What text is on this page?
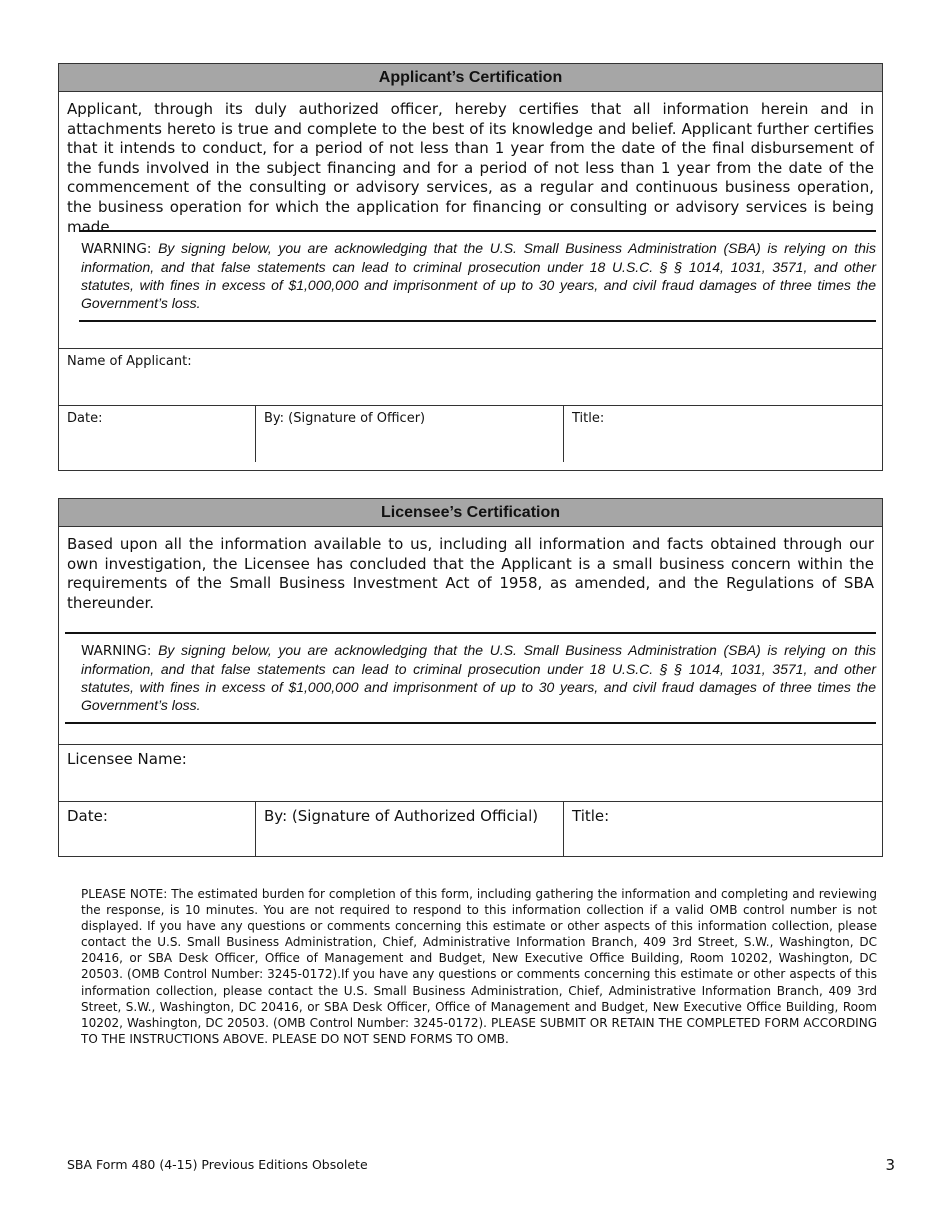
Applicant’s Certification
Applicant, through its duly authorized officer, hereby certifies that all information herein and in attachments hereto is true and complete to the best of its knowledge and belief. Applicant further certifies that it intends to conduct, for a period of not less than 1 year from the date of the final disbursement of the funds involved in the subject financing and for a period of not less than 1 year from the date of the commencement of the consulting or advisory services, as a regular and continuous business operation, the business operation for which the application for financing or consulting or advisory services is being made.
WARNING: By signing below, you are acknowledging that the U.S. Small Business Administration (SBA) is relying on this information, and that false statements can lead to criminal prosecution under 18 U.S.C. § § 1014, 1031, 3571, and other statutes, with fines in excess of $1,000,000 and imprisonment of up to 30 years, and civil fraud damages of three times the Government’s loss.
Name of Applicant:
Date:	By: (Signature of Officer)	Title:
Licensee’s Certification
Based upon all the information available to us, including all information and facts obtained through our own investigation, the Licensee has concluded that the Applicant is a small business concern within the requirements of the Small Business Investment Act of 1958, as amended, and the Regulations of SBA thereunder.
WARNING: By signing below, you are acknowledging that the U.S. Small Business Administration (SBA) is relying on this information, and that false statements can lead to criminal prosecution under 18 U.S.C. § § 1014, 1031, 3571, and other statutes, with fines in excess of $1,000,000 and imprisonment of up to 30 years, and civil fraud damages of three times the Government’s loss.
Licensee Name:
Date:	By: (Signature of Authorized Official)	Title:
PLEASE NOTE: The estimated burden for completion of this form, including gathering the information and completing and reviewing the response, is 10 minutes. You are not required to respond to this information collection if a valid OMB control number is not displayed. If you have any questions or comments concerning this estimate or other aspects of this information collection, please contact the U.S. Small Business Administration, Chief, Administrative Information Branch, 409 3rd Street, S.W., Washington, DC 20416, or SBA Desk Officer, Office of Management and Budget, New Executive Office Building, Room 10202, Washington, DC 20503. (OMB Control Number: 3245-0172).If you have any questions or comments concerning this estimate or other aspects of this information collection, please contact the U.S. Small Business Administration, Chief, Administrative Information Branch, 409 3rd Street, S.W., Washington, DC 20416, or SBA Desk Officer, Office of Management and Budget, New Executive Office Building, Room 10202, Washington, DC 20503. (OMB Control Number: 3245-0172). PLEASE SUBMIT OR RETAIN THE COMPLETED FORM ACCORDING TO THE INSTRUCTIONS ABOVE. PLEASE DO NOT SEND FORMS TO OMB.
SBA Form 480 (4-15) Previous Editions Obsolete	3
